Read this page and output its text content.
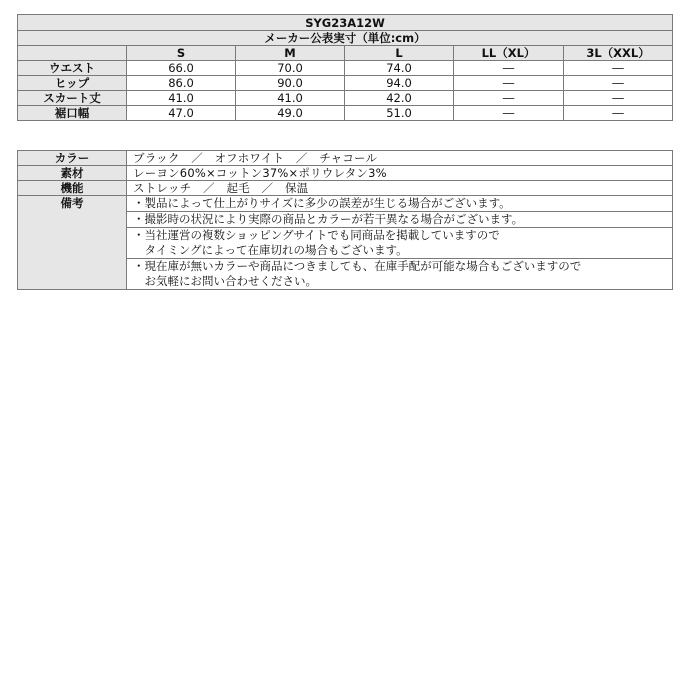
SYG23A12W					
メーカー公表実寸（単位:cm）					
	S	M	L	LL（XL）	3L（XXL）
ウエスト	66.0	70.0	74.0	―	―
ヒップ	86.0	90.0	94.0	―	―
スカート丈	41.0	41.0	42.0	―	―
裾口幅	47.0	49.0	51.0	―	―
カラー	ブラック　／　オフホワイト　／　チャコール
素材	レーヨン60%×コットン37%×ポリウレタン3%
機能	ストレッチ　／　起毛　／　保温
備考	・製品によって仕上がりサイズに多少の誤差が生じる場合がございます。

	・撮影時の状況により実際の商品とカラーが若干異なる場合がございます。

	・当社運営の複数ショッピングサイトでも同商品を掲載していますので
　タイミングによって在庫切れの場合もございます。

	・現在庫が無いカラーや商品につきましても、在庫手配が可能な場合もございますので
　お気軽にお問い合わせください。
